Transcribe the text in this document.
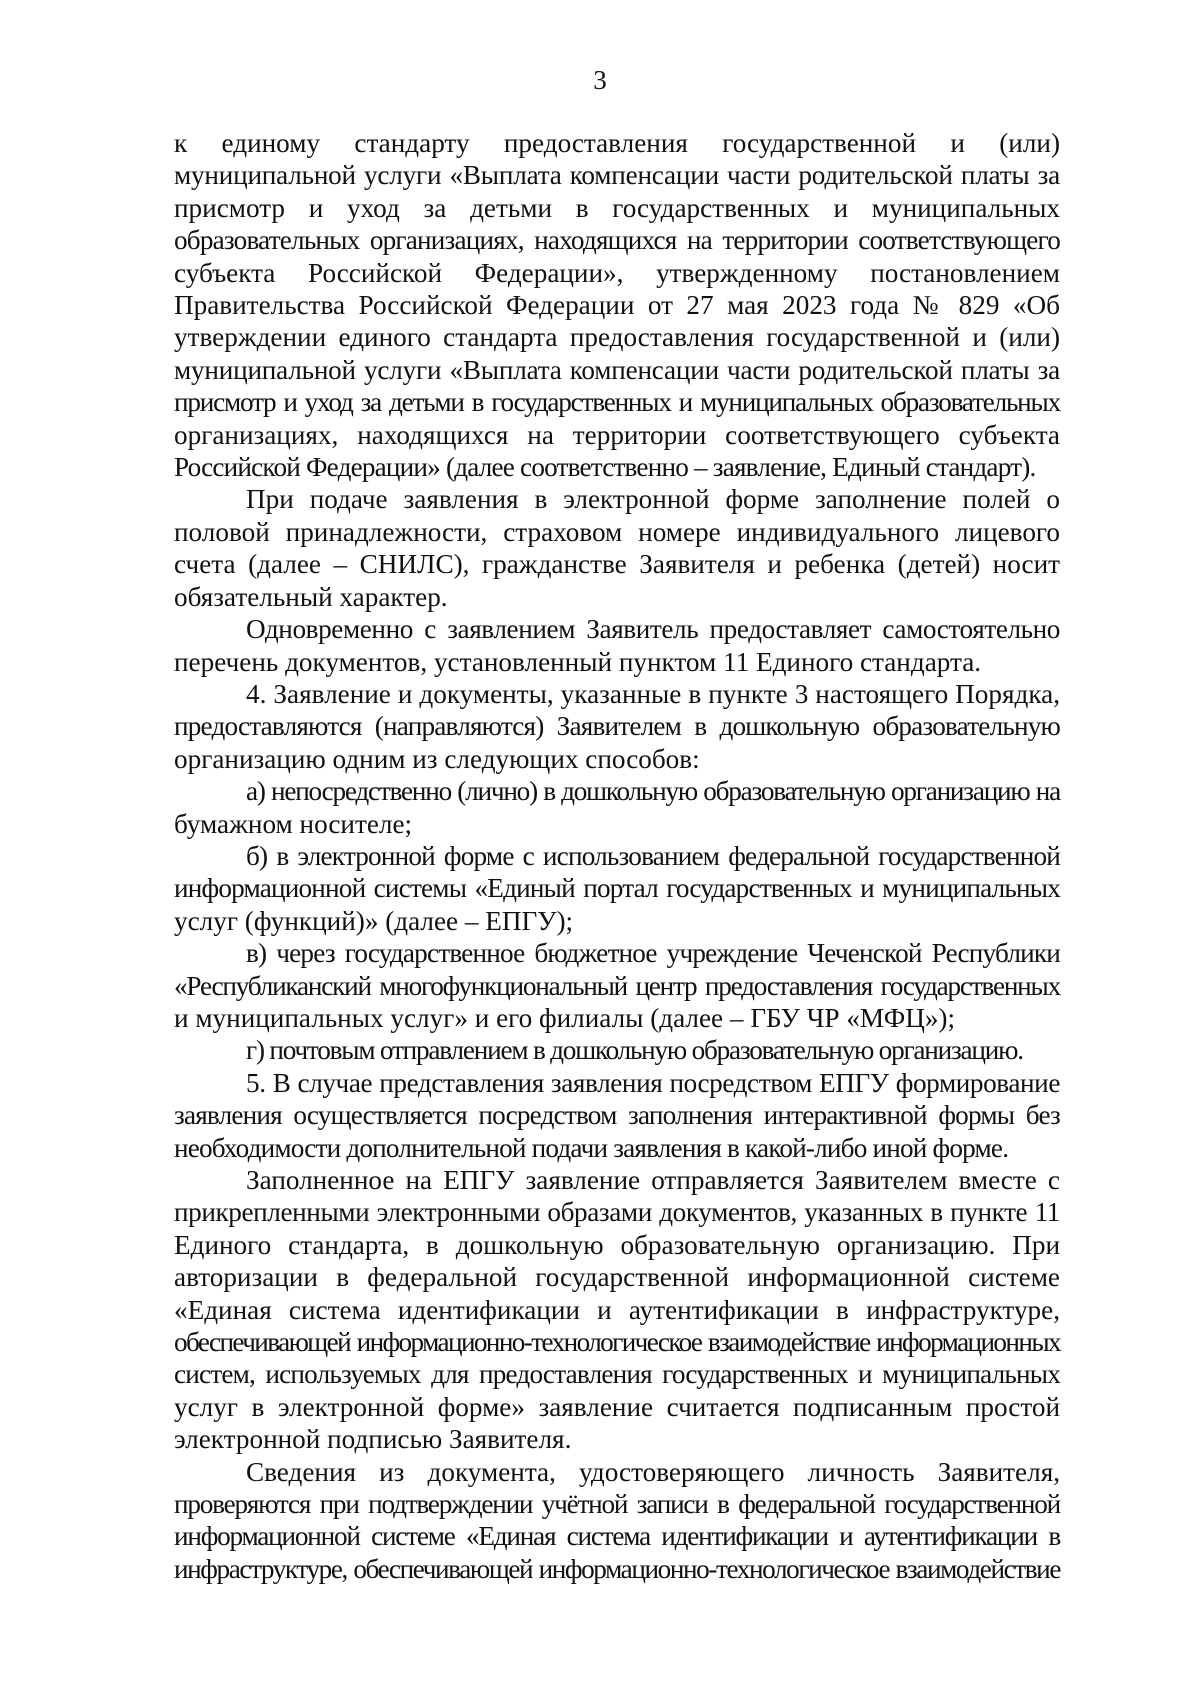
3
к единому стандарту предоставления государственной и (или)
муниципальной услуги «Выплата компенсации части родительской платы за
присмотр и уход за детьми в государственных и муниципальных
образовательных организациях, находящихся на территории соответствующего
субъекта Российской Федерации», утвержденному постановлением
Правительства Российской Федерации от 27 мая 2023 года № 829 «Об
утверждении единого стандарта предоставления государственной и (или)
муниципальной услуги «Выплата компенсации части родительской платы за
присмотр и уход за детьми в государственных и муниципальных образовательных
организациях, находящихся на территории соответствующего субъекта
Российской Федерации» (далее соответственно – заявление, Единый стандарт).
При подаче заявления в электронной форме заполнение полей о
половой принадлежности, страховом номере индивидуального лицевого
счета (далее – СНИЛС), гражданстве Заявителя и ребенка (детей) носит
обязательный характер.
Одновременно с заявлением Заявитель предоставляет самостоятельно
перечень документов, установленный пунктом 11 Единого стандарта.
4. Заявление и документы, указанные в пункте 3 настоящего Порядка,
предоставляются (направляются) Заявителем в дошкольную образовательную
организацию одним из следующих способов:
а) непосредственно (лично) в дошкольную образовательную организацию на
бумажном носителе;
б) в электронной форме с использованием федеральной государственной
информационной системы «Единый портал государственных и муниципальных
услуг (функций)» (далее – ЕПГУ);
в) через государственное бюджетное учреждение Чеченской Республики
«Республиканский многофункциональный центр предоставления государственных
и муниципальных услуг» и его филиалы (далее – ГБУ ЧР «МФЦ»);
г) почтовым отправлением в дошкольную образовательную организацию.
5. В случае представления заявления посредством ЕПГУ формирование
заявления осуществляется посредством заполнения интерактивной формы без
необходимости дополнительной подачи заявления в какой-либо иной форме.
Заполненное на ЕПГУ заявление отправляется Заявителем вместе с
прикрепленными электронными образами документов, указанных в пункте 11
Единого стандарта, в дошкольную образовательную организацию. При
авторизации в федеральной государственной информационной системе
«Единая система идентификации и аутентификации в инфраструктуре,
обеспечивающей информационно-технологическое взаимодействие информационных
систем, используемых для предоставления государственных и муниципальных
услуг в электронной форме» заявление считается подписанным простой
электронной подписью Заявителя.
Сведения из документа, удостоверяющего личность Заявителя,
проверяются при подтверждении учётной записи в федеральной государственной
информационной системе «Единая система идентификации и аутентификации в
инфраструктуре, обеспечивающей информационно-технологическое взаимодействие
